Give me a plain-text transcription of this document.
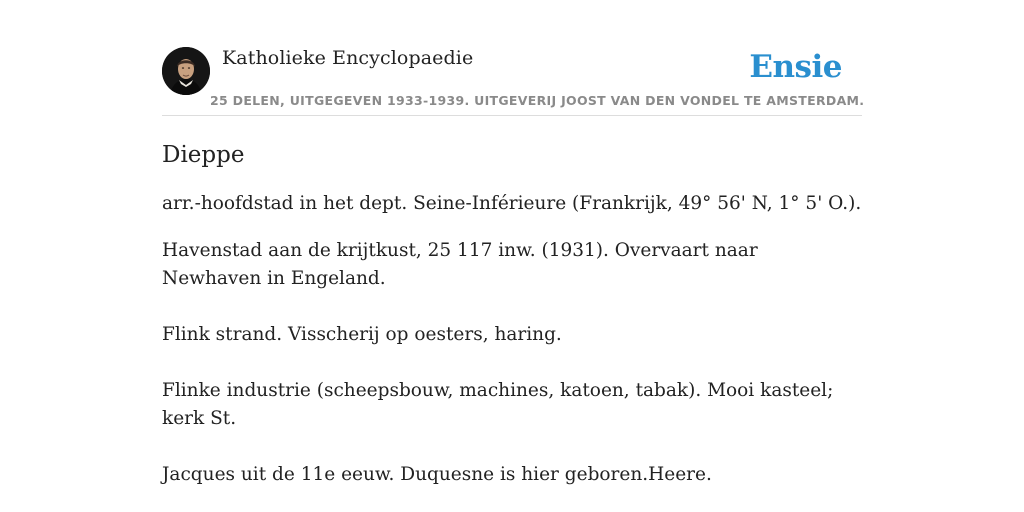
Katholieke Encyclopaedie
25 DELEN, UITGEGEVEN 1933-1939. UITGEVERIJ JOOST VAN DEN VONDEL TE AMSTERDAM.
Ensie
Dieppe

arr.-hoofdstad in het dept. Seine-Inférieure (Frankrijk, 49° 56' N, 1° 5' O.).

Havenstad aan de krijtkust, 25 117 inw. (1931). Overvaart naar Newhaven in Engeland.

Flink strand. Visscherij op oesters, haring.

Flinke industrie (scheepsbouw, machines, katoen, tabak). Mooi kasteel; kerk St.

Jacques uit de 11e eeuw. Duquesne is hier geboren.Heere.
